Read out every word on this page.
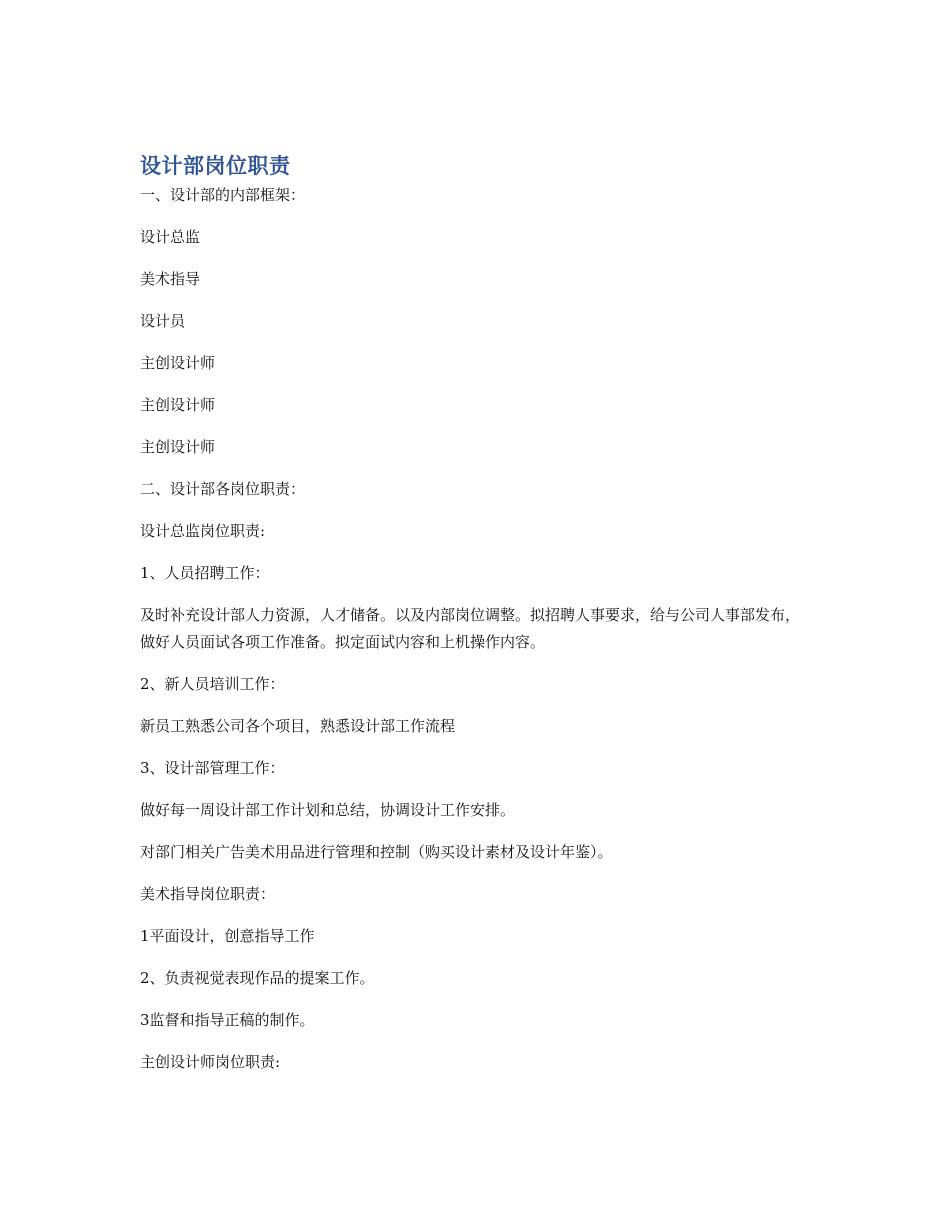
设计部岗位职责

一、设计部的内部框架：

设计总监

美术指导

设计员

主创设计师

主创设计师

主创设计师

二、设计部各岗位职责：

设计总监岗位职责:

1、人员招聘工作：

及时补充设计部人力资源，人才储备。以及内部岗位调整。拟招聘人事要求，给与公司人事部发布，做好人员面试各项工作准备。拟定面试内容和上机操作内容。

2、新人员培训工作：

新员工熟悉公司各个项目，熟悉设计部工作流程

3、设计部管理工作：

做好每一周设计部工作计划和总结，协调设计工作安排。

对部门相关广告美术用品进行管理和控制（购买设计素材及设计年鉴）。

美术指导岗位职责：

1平面设计，创意指导工作

2、负责视觉表现作品的提案工作。

3监督和指导正稿的制作。

主创设计师岗位职责:
